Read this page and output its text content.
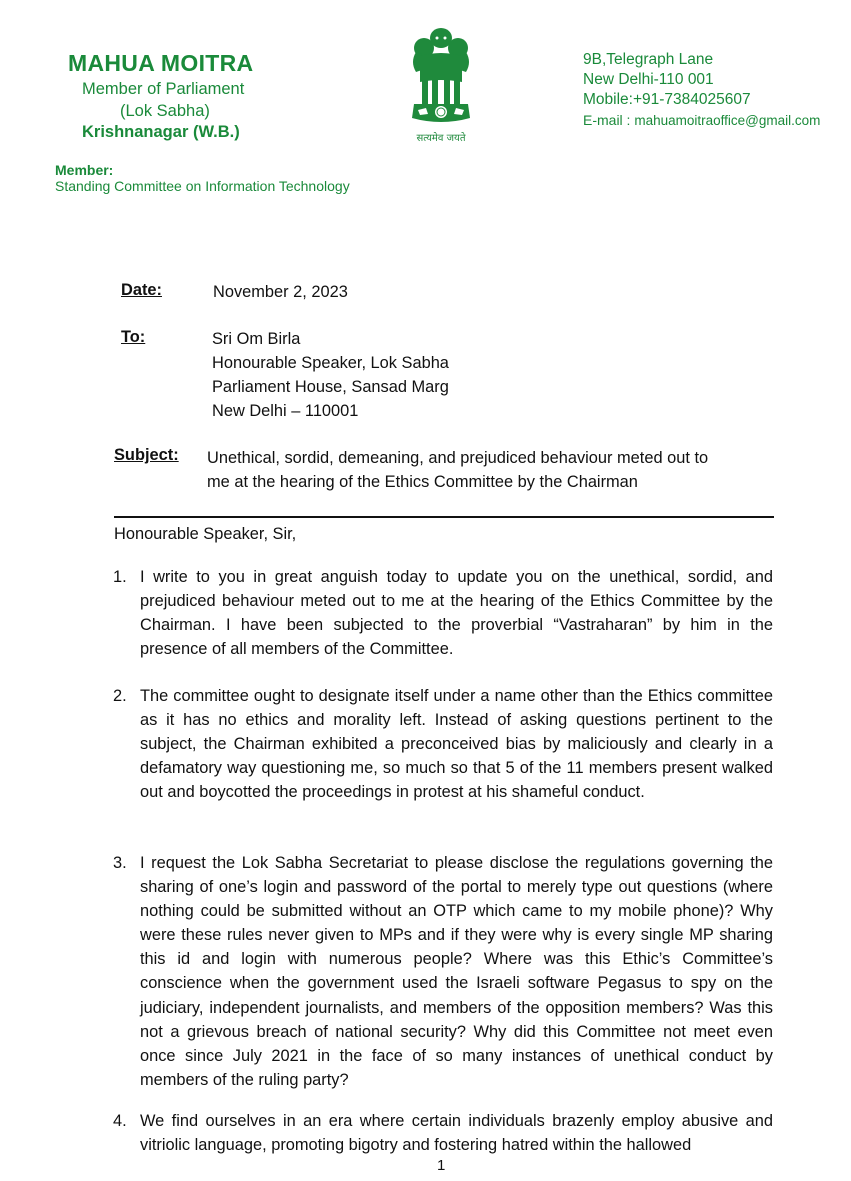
MAHUA MOITRA
Member of Parliament
(Lok Sabha)
Krishnanagar (W.B.)
Member:
Standing Committee on Information Technology
सत्यमेव जयते
9B,Telegraph Lane
New Delhi-110 001
Mobile:+91-7384025607
E-mail : mahuamoitraoffice@gmail.com
Date:	November 2, 2023
To:	Sri Om Birla
Honourable Speaker, Lok Sabha
Parliament House, Sansad Marg
New Delhi – 110001
Subject: Unethical, sordid, demeaning, and prejudiced behaviour meted out to
me at the hearing of the Ethics Committee by the Chairman
Honourable Speaker, Sir,
1. I write to you in great anguish today to update you on the unethical, sordid, and prejudiced behaviour meted out to me at the hearing of the Ethics Committee by the Chairman. I have been subjected to the proverbial “Vastraharan” by him in the presence of all members of the Committee.
2. The committee ought to designate itself under a name other than the Ethics committee as it has no ethics and morality left. Instead of asking questions pertinent to the subject, the Chairman exhibited a preconceived bias by maliciously and clearly in a defamatory way questioning me, so much so that 5 of the 11 members present walked out and boycotted the proceedings in protest at his shameful conduct.
3. I request the Lok Sabha Secretariat to please disclose the regulations governing the sharing of one’s login and password of the portal to merely type out questions (where nothing could be submitted without an OTP which came to my mobile phone)? Why were these rules never given to MPs and if they were why is every single MP sharing this id and login with numerous people? Where was this Ethic’s Committee’s conscience when the government used the Israeli software Pegasus to spy on the judiciary, independent journalists, and members of the opposition members? Was this not a grievous breach of national security? Why did this Committee not meet even once since July 2021 in the face of so many instances of unethical conduct by members of the ruling party?
4. We find ourselves in an era where certain individuals brazenly employ abusive and vitriolic language, promoting bigotry and fostering hatred within the hallowed
1
